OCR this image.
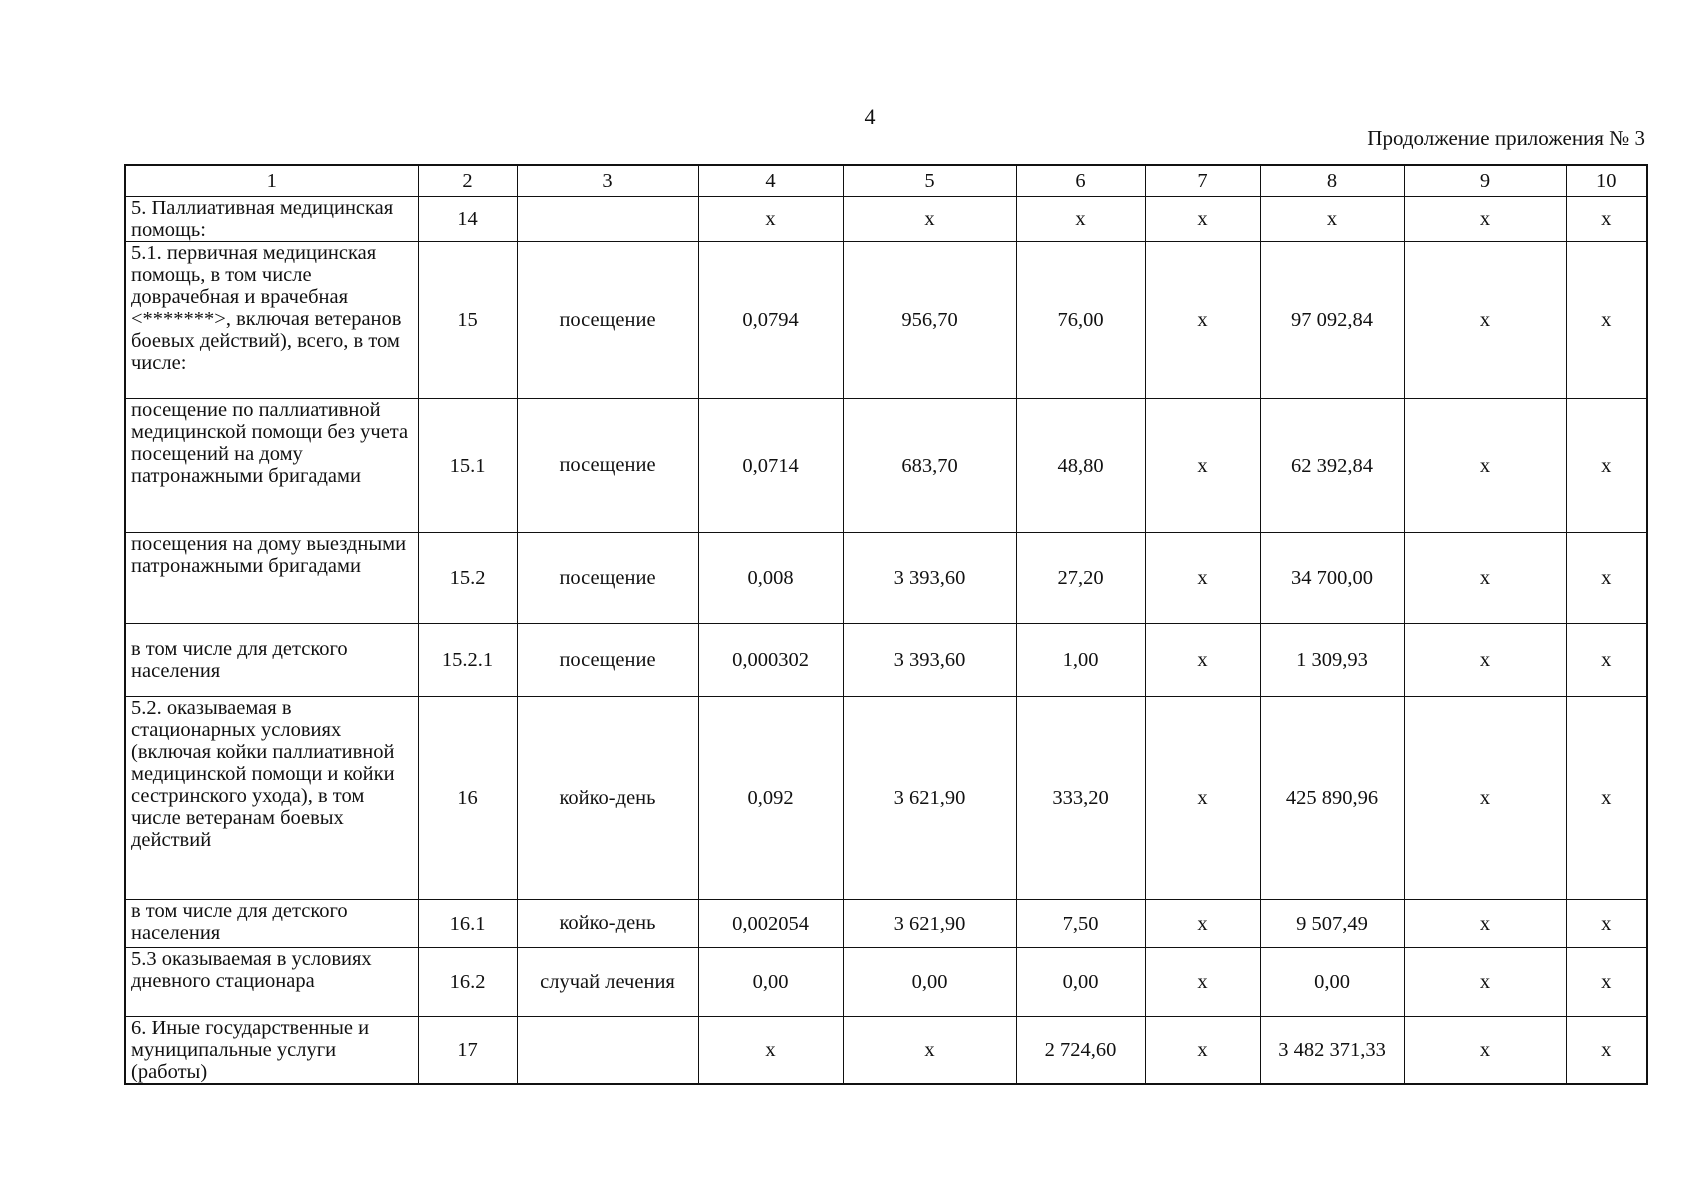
4
Продолжение приложения № 3
1	2	3	4	5	6	7	8	9	10
5. Паллиативная медицинская помощь:	14		х	х	х	х	х	х	х
5.1. первичная медицинская помощь, в том числе доврачебная и врачебная <*******>, включая ветеранов боевых действий), всего, в том числе:	15	посещение	0,0794	956,70	76,00	х	97 092,84	х	х
посещение по паллиативной медицинской помощи без учета посещений на дому патронажными бригадами	15.1	посещение	0,0714	683,70	48,80	х	62 392,84	х	х
посещения на дому выездными патронажными бригадами	15.2	посещение	0,008	3 393,60	27,20	х	34 700,00	х	х
в том числе для детского населения	15.2.1	посещение	0,000302	3 393,60	1,00	х	1 309,93	х	х
5.2. оказываемая в стационарных условиях (включая койки паллиативной медицинской помощи и койки сестринского ухода), в том числе ветеранам боевых действий	16	койко-день	0,092	3 621,90	333,20	х	425 890,96	х	х
в том числе для детского населения	16.1	койко-день	0,002054	3 621,90	7,50	х	9 507,49	х	х
5.3 оказываемая в условиях дневного стационара	16.2	случай лечения	0,00	0,00	0,00	х	0,00	х	х
6. Иные государственные и муниципальные услуги (работы)	17		х	х	2 724,60	х	3 482 371,33	х	х
